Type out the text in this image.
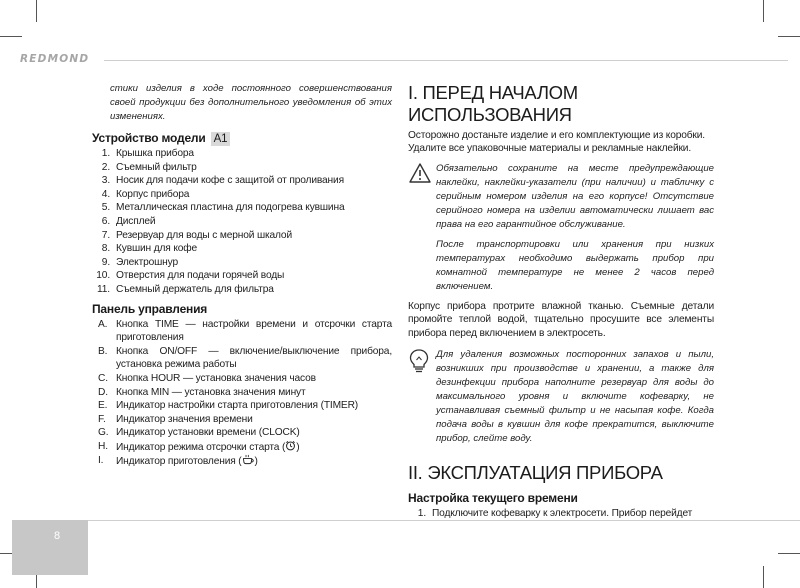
REDMOND

стики изделия в ходе постоянного совершенствования своей продукции без дополнительного уведомления об этих изменениях.

Устройство модели A1
1. Крышка прибора
2. Съемный фильтр
3. Носик для подачи кофе с защитой от проливания
4. Корпус прибора
5. Металлическая пластина для подогрева кувшина
6. Дисплей
7. Резервуар для воды с мерной шкалой
8. Кувшин для кофе
9. Электрошнур
10. Отверстия для подачи горячей воды
11. Съемный держатель для фильтра
Панель управления
A. Кнопка TIME — настройки времени и отсрочки старта приготовления
B. Кнопка ON/OFF — включение/выключение прибора, установка режима работы
C. Кнопка HOUR — установка значения часов
D. Кнопка MIN — установка значения минут
E. Индикатор настройки старта приготовления (TIMER)
F.	Индикатор значения времени
G. Индикатор установки времени (CLOCK)
H. Индикатор режима отсрочки старта ( )
I.	Индикатор приготовления ( )
I. ПЕРЕД НАЧАЛОМ ИСПОЛЬЗОВАНИЯ

Осторожно достаньте изделие и его комплектующие из коробки. Удалите все упаковочные материалы и рекламные наклейки.

Обязательно сохраните на месте предупреждающие наклейки, наклейки-указатели (при наличии) и табличку с серийным номером изделия на его корпусе! Отсутствие серийного номера на изделии автоматически лишает вас права на его гарантийное обслуживание.

После транспортировки или хранения при низких температурах необходимо выдержать прибор при комнатной температуре не менее 2 часов перед включением.

Корпус прибора протрите влажной тканью. Съемные детали промойте теплой водой, тщательно просушите все элементы прибора перед включением в электросеть.

Для удаления возможных посторонних запахов и пыли, возникших при производстве и хранении, а также для дезинфекции прибора наполните резервуар для воды до максимального уровня и включите кофеварку, не устанавливая съемный фильтр и не насыпая кофе. Когда подача воды в кувшин для кофе прекратится, выключите прибор, слейте воду.

II. ЭКСПЛУАТАЦИЯ ПРИБОРА
Настройка текущего времени
1. Подключите кофеварку к электросети. Прибор перейдет
8
